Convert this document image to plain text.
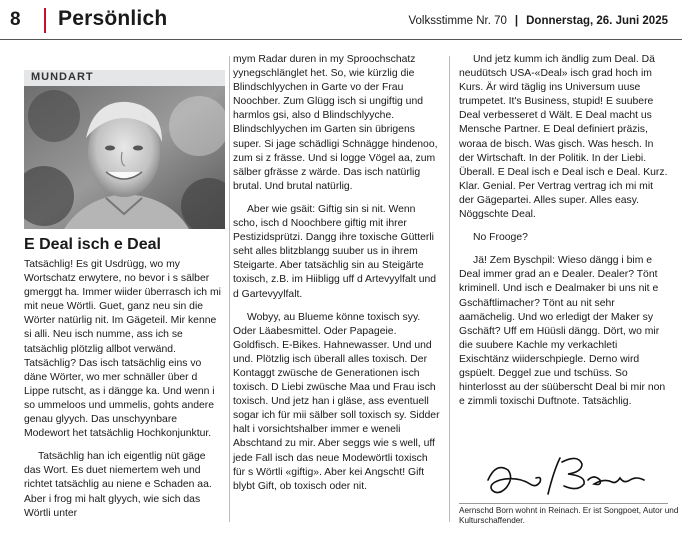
8 Persönlich	Volksstimme Nr. 70 | Donnerstag, 26. Juni 2025
MUNDART
E Deal isch e Deal

Tatsächlig! Es git Usdrügg, wo my Wortschatz erwytere, no bevor i s sälber gmerggt ha. Immer wiider überrasch ich mi mit neue Wörtli. Guet, ganz neu sin die Wörter natürlig nit. Im Gägeteil. Mir kenne si alli. Neu isch numme, ass ich se tatsächlig plötzlig allbot verwänd. Tatsächlig? Das isch tatsächlig eins vo däne Wörter, wo mer schnäller über d Lippe rutscht, as i dängge ka. Und wenn i so ummeloos und ummelis, gohts andere genau glyych. Das unschyynbare Modewort het tatsächlig Hochkonjunktur.

Tatsächlig han ich eigentlig nüt gäge das Wort. Es duet niemertem weh und richtet tatsächlig au niene e Schaden aa. Aber i frog mi halt glyych, wie sich das Wörtli unter

mym Radar duren in my Sproochschatz yynegschlänglet het. So, wie kürzlig die Blindschlyychen in Garte vo der Frau Noochber. Zum Glügg isch si ungiftig und harmlos gsi, also d Blindschlyyche. Blindschlyychen im Garten sin übrigens super. Si jage schädligi Schnägge hindenoo, zum si z frässe. Und si logge Vögel aa, zum sälber gfrässe z wärde. Das isch natürlig brutal. Und brutal natürlig.

Aber wie gsäit: Giftig sin si nit. Wenn scho, isch d Noochbere giftig mit ihrer Pestizidsprützi. Dangg ihre toxische Gütterli seht alles blitzblangg suuber us in ihrem Steigarte. Aber tatsächlig sin au Steigärte toxisch, z.B. im Hiibligg uff d Artevyylfalt und d Gartevyylfalt.

Wobyy, au Blueme könne toxisch syy. Oder Läabesmittel. Oder Papageie. Goldfisch. E-Bikes. Hahnewasser. Und und und. Plötzlig isch überall alles toxisch. Der Kontaggt zwüsche de Generationen isch toxisch. D Liebi zwüsche Maa und Frau isch toxisch. Und jetz han i gläse, ass eventuell sogar ich für mii sälber soll toxisch sy. Sidder halt i vorsichtshalber immer e weneli Abschtand zu mir. Aber seggs wie s well, uff jede Fall isch das neue Modewörtli toxisch für s Wörtli «giftig». Aber kei Angscht! Gift blybt Gift, ob toxisch oder nit.

Und jetz kumm ich ändlig zum Deal. Dä neudütsch USA-«Deal» isch grad hoch im Kurs. Är wird täglig ins Universum uuse trumpetet. It's Business, stupid! E suubere Deal verbesseret d Wält. E Deal macht us Mensche Partner. E Deal definiert präzis, woraa de bisch. Was gisch. Was hesch. In der Wirtschaft. In der Politik. In der Liebi. Überall. E Deal isch e Deal isch e Deal. Kurz. Klar. Genial. Per Vertrag vertrag ich mi mit der Gägepartei. Alles super. Alles easy. Nöggschte Deal.

No Frooge?

Jä! Zem Byschpil: Wieso dängg i bim e Deal immer grad an e Dealer. Dealer? Tönt kriminell. Und isch e Dealmaker bi uns nit e Gschäftlimacher? Tönt au nit sehr aamächelig. Und wo erledigt der Maker sy Gschäft? Uff em Hüüsli dängg. Dört, wo mir die suubere Kachle my verkachleti Exischtänz wiiderschpiegle. Derno wird gspüelt. Deggel zue und tschüss. So hinterlosst au der süüberscht Deal bi mir non e zimmli toxischi Duftnote. Tatsächlig.

Aernschd Born wohnt in Reinach. Er ist Songpoet, Autor und Kulturschaffender.
